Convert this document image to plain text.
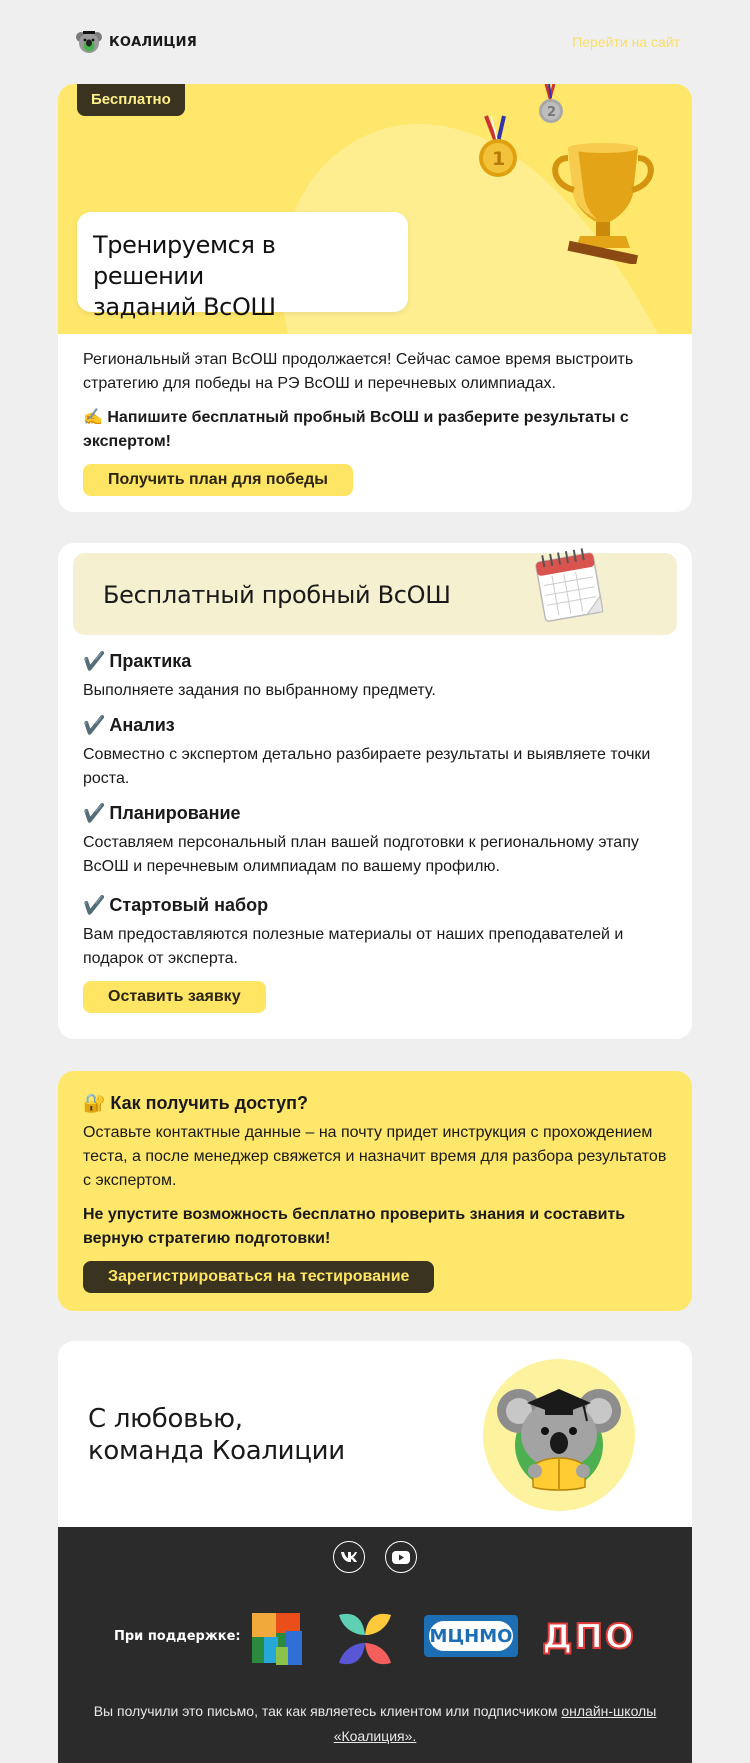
КОАЛИЦИЯ	Перейти на сайт
Бесплатно
Тренируемся в решении
заданий ВсОШ
2
1

Региональный этап ВсОШ продолжается! Сейчас самое время выстроить стратегию для победы на РЭ ВсОШ и перечневых олимпиадах.

✍️ Напишите бесплатный пробный ВсОШ и разберите результаты с экспертом!

Получить план для победы
Бесплатный пробный ВсОШ
✔️ Практика

Выполняете задания по выбранному предмету.

✔️ Анализ

Совместно с экспертом детально разбираете результаты и выявляете точки роста.

✔️ Планирование

Составляем персональный план вашей подготовки к региональному этапу ВсОШ и перечневым олимпиадам по вашему профилю.

✔️ Стартовый набор

Вам предоставляются полезные материалы от наших преподавателей и подарок от эксперта.

Оставить заявку
🔐 Как получить доступ?

Оставьте контактные данные – на почту придет инструкция с прохождением теста, а после менеджер свяжется и назначит время для разбора результатов с экспертом.

Не упустите возможность бесплатно проверить знания и составить верную стратегию подготовки!

Зарегистрироваться на тестирование
С любовью,
команда Коалиции
При поддержке:	МЦНМО ДПО

Вы получили это письмо, так как являетесь клиентом или подписчиком онлайн-школы «Коалиция».
